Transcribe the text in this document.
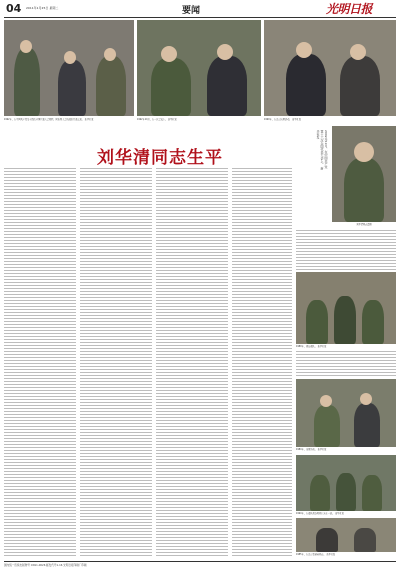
04 2011年1月25日 星期二	要闻	光明日报
1992年，在中国共产党第十四次全国代表大会期间，同出席大会的部队代表交谈。 新华社发	1992年10月，在一次会议上。 新华社发	1999年，在北京出席活动。 新华社发
刘华清同志生平	2002年11月，在中国共产党第十六次全国代表大会上。 新华社发
刘华清同志遗像
1989年，视察部队。 新华社发
1984年，出席活动。 新华社发
1994年，在部队视察时同官兵在一起。 新华社发
1985年，在北京看望老同志。 新华社发
国内统一连续出版物号 CN11-0026 邮发代号1-16 光明日报印刷厂印刷
